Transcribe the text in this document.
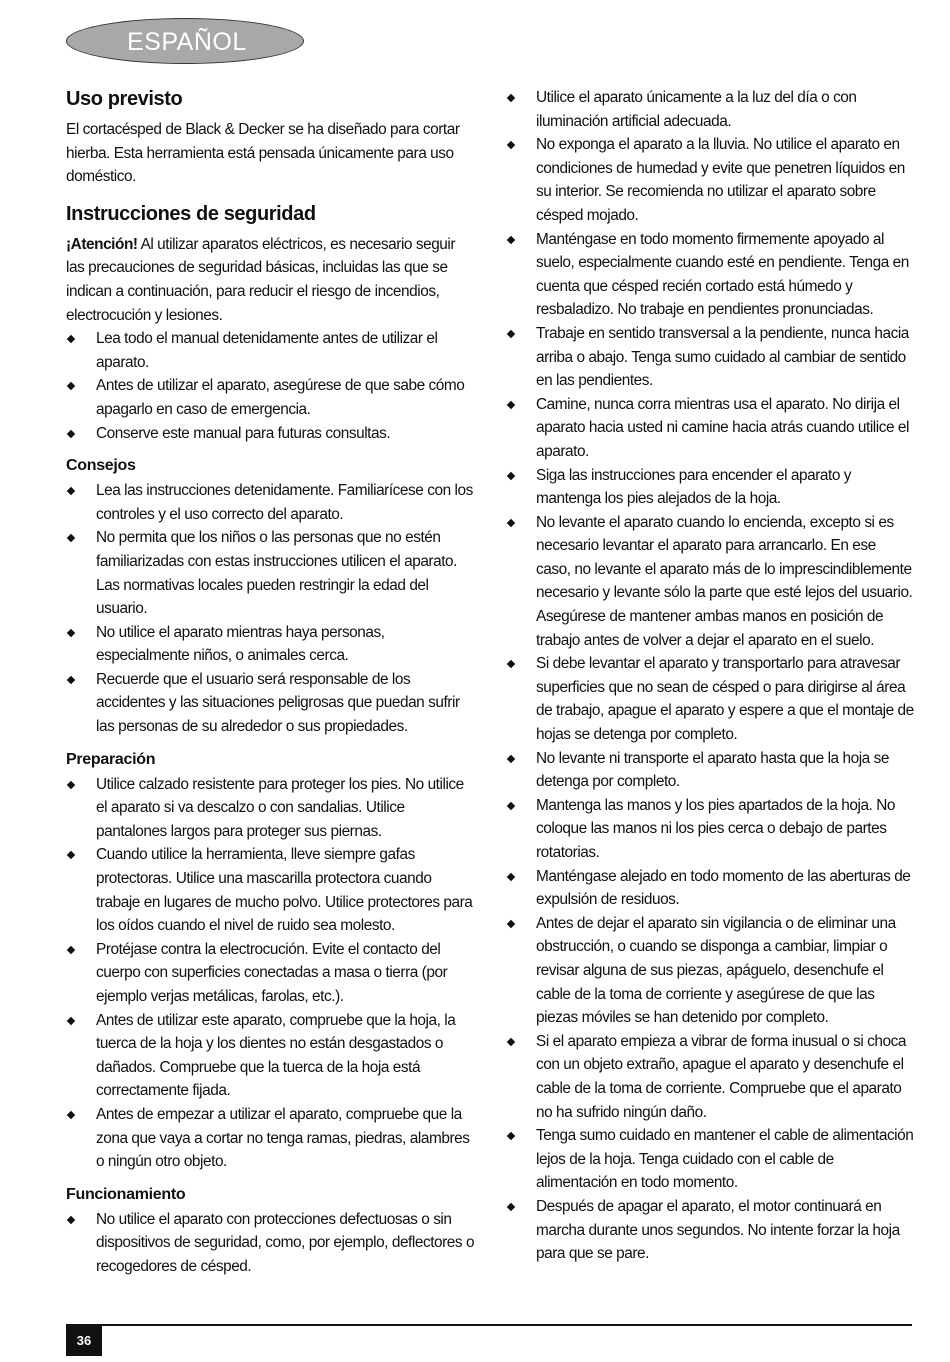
ESPAÑOL
Uso previsto

El cortacésped de Black & Decker se ha diseñado para cortar hierba. Esta herramienta está pensada únicamente para uso doméstico.

Instrucciones de seguridad

¡Atención! Al utilizar aparatos eléctricos, es necesario seguir las precauciones de seguridad básicas, incluidas las que se indican a continuación, para reducir el riesgo de incendios, electrocución y lesiones.

Lea todo el manual detenidamente antes de utilizar el aparato.
Antes de utilizar el aparato, asegúrese de que sabe cómo apagarlo en caso de emergencia.
Conserve este manual para futuras consultas.
Consejos
Lea las instrucciones detenidamente. Familiarícese con los controles y el uso correcto del aparato.
No permita que los niños o las personas que no estén familiarizadas con estas instrucciones utilicen el aparato. Las normativas locales pueden restringir la edad del usuario.
No utilice el aparato mientras haya personas, especialmente niños, o animales cerca.
Recuerde que el usuario será responsable de los accidentes y las situaciones peligrosas que puedan sufrir las personas de su alrededor o sus propiedades.
Preparación
Utilice calzado resistente para proteger los pies. No utilice el aparato si va descalzo o con sandalias. Utilice pantalones largos para proteger sus piernas.
Cuando utilice la herramienta, lleve siempre gafas protectoras. Utilice una mascarilla protectora cuando trabaje en lugares de mucho polvo. Utilice protectores para los oídos cuando el nivel de ruido sea molesto.
Protéjase contra la electrocución. Evite el contacto del cuerpo con superficies conectadas a masa o tierra (por ejemplo verjas metálicas, farolas, etc.).
Antes de utilizar este aparato, compruebe que la hoja, la tuerca de la hoja y los dientes no están desgastados o dañados. Compruebe que la tuerca de la hoja está correctamente fijada.
Antes de empezar a utilizar el aparato, compruebe que la zona que vaya a cortar no tenga ramas, piedras, alambres o ningún otro objeto.
Funcionamiento
No utilice el aparato con protecciones defectuosas o sin dispositivos de seguridad, como, por ejemplo, deflectores o recogedores de césped.
Utilice el aparato únicamente a la luz del día o con iluminación artificial adecuada.
No exponga el aparato a la lluvia. No utilice el aparato en condiciones de humedad y evite que penetren líquidos en su interior. Se recomienda no utilizar el aparato sobre césped mojado.
Manténgase en todo momento firmemente apoyado al suelo, especialmente cuando esté en pendiente. Tenga en cuenta que césped recién cortado está húmedo y resbaladizo. No trabaje en pendientes pronunciadas.
Trabaje en sentido transversal a la pendiente, nunca hacia arriba o abajo. Tenga sumo cuidado al cambiar de sentido en las pendientes.
Camine, nunca corra mientras usa el aparato. No dirija el aparato hacia usted ni camine hacia atrás cuando utilice el aparato.
Siga las instrucciones para encender el aparato y mantenga los pies alejados de la hoja.
No levante el aparato cuando lo encienda, excepto si es necesario levantar el aparato para arrancarlo. En ese caso, no levante el aparato más de lo imprescindiblemente necesario y levante sólo la parte que esté lejos del usuario. Asegúrese de mantener ambas manos en posición de trabajo antes de volver a dejar el aparato en el suelo.
Si debe levantar el aparato y transportarlo para atravesar superficies que no sean de césped o para dirigirse al área de trabajo, apague el aparato y espere a que el montaje de hojas se detenga por completo.
No levante ni transporte el aparato hasta que la hoja se detenga por completo.
Mantenga las manos y los pies apartados de la hoja. No coloque las manos ni los pies cerca o debajo de partes rotatorias.
Manténgase alejado en todo momento de las aberturas de expulsión de residuos.
Antes de dejar el aparato sin vigilancia o de eliminar una obstrucción, o cuando se disponga a cambiar, limpiar o revisar alguna de sus piezas, apáguelo, desenchufe el cable de la toma de corriente y asegúrese de que las piezas móviles se han detenido por completo.
Si el aparato empieza a vibrar de forma inusual o si choca con un objeto extraño, apague el aparato y desenchufe el cable de la toma de corriente. Compruebe que el aparato no ha sufrido ningún daño.
Tenga sumo cuidado en mantener el cable de alimentación lejos de la hoja. Tenga cuidado con el cable de alimentación en todo momento.
Después de apagar el aparato, el motor continuará en marcha durante unos segundos. No intente forzar la hoja para que se pare.
36
